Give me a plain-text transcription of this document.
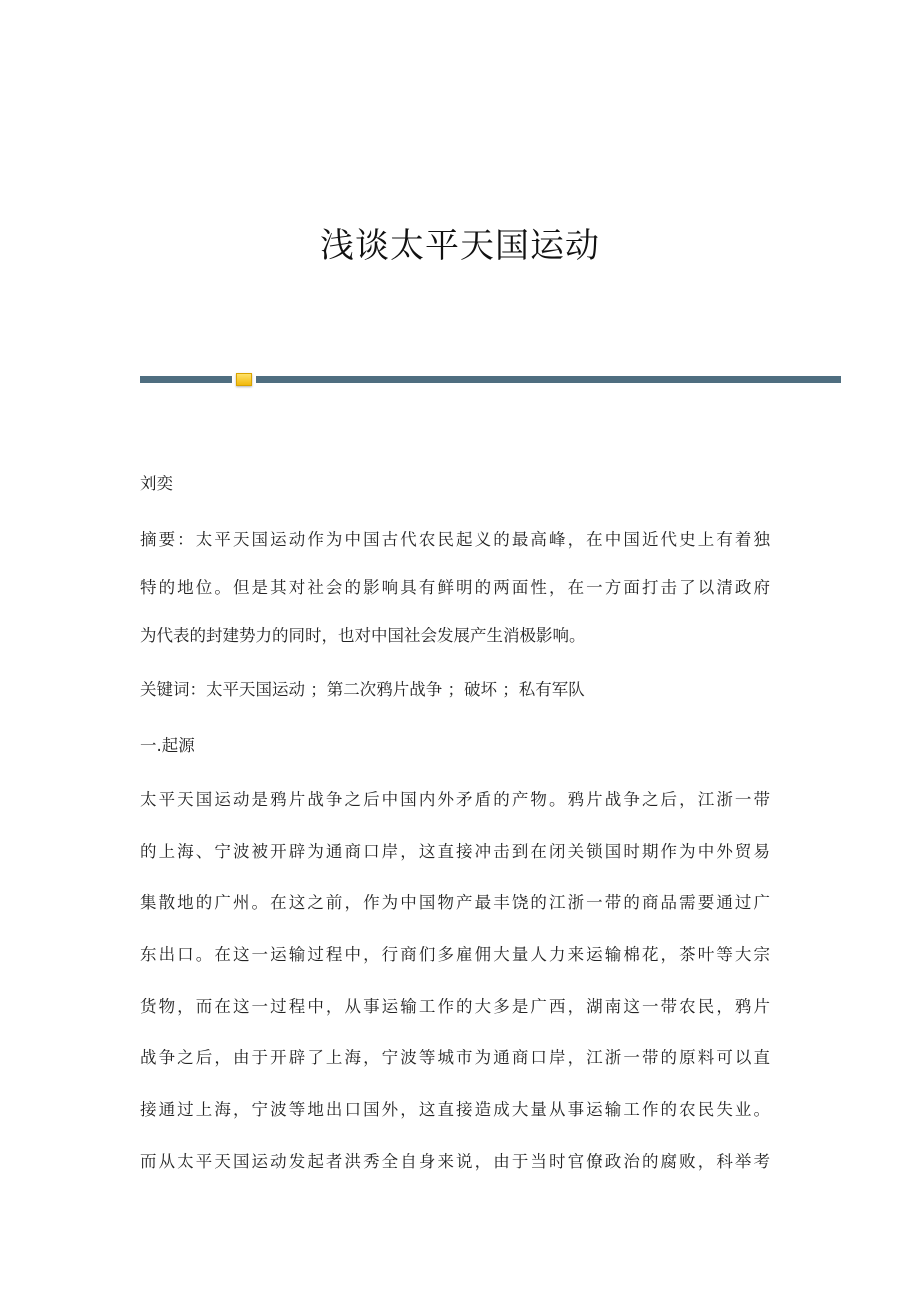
浅谈太平天国运动
刘奕
摘要：太平天国运动作为中国古代农民起义的最高峰，在中国近代史上有着独
特的地位。但是其对社会的影响具有鲜明的两面性，在一方面打击了以清政府
为代表的封建势力的同时，也对中国社会发展产生消极影响。
关键词：太平天国运动 ；第二次鸦片战争 ；破坏 ；私有军队
一.起源
太平天国运动是鸦片战争之后中国内外矛盾的产物。鸦片战争之后，江浙一带
的上海、宁波被开辟为通商口岸，这直接冲击到在闭关锁国时期作为中外贸易
集散地的广州。在这之前，作为中国物产最丰饶的江浙一带的商品需要通过广
东出口。在这一运输过程中，行商们多雇佣大量人力来运输棉花，茶叶等大宗
货物，而在这一过程中，从事运输工作的大多是广西，湖南这一带农民，鸦片
战争之后，由于开辟了上海，宁波等城市为通商口岸，江浙一带的原料可以直
接通过上海，宁波等地出口国外，这直接造成大量从事运输工作的农民失业。
而从太平天国运动发起者洪秀全自身来说，由于当时官僚政治的腐败，科举考
